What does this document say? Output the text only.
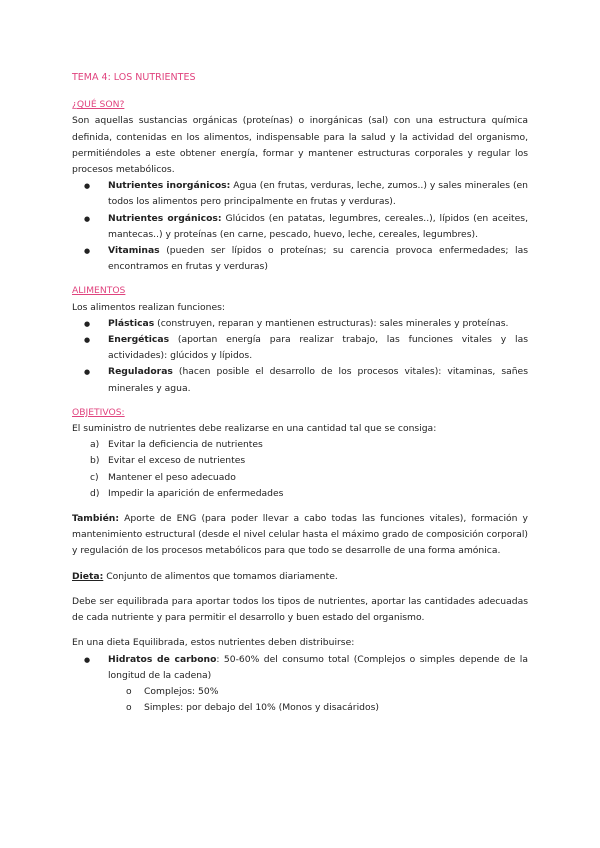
TEMA 4: LOS NUTRIENTES
¿QUÉ SON?

Son aquellas sustancias orgánicas (proteínas) o inorgánicas (sal) con una estructura química definida, contenidas en los alimentos, indispensable para la salud y la actividad del organismo, permitiéndoles a este obtener energía, formar y mantener estructuras corporales y regular los procesos metabólicos.

● Nutrientes inorgánicos: Agua (en frutas, verduras, leche, zumos..) y sales minerales (en todos los alimentos pero principalmente en frutas y verduras).
● Nutrientes orgánicos: Glúcidos (en patatas, legumbres, cereales..), lípidos (en aceites, mantecas..) y proteínas (en carne, pescado, huevo, leche, cereales, legumbres).
● Vitaminas (pueden ser lípidos o proteínas; su carencia provoca enfermedades; las encontramos en frutas y verduras)
ALIMENTOS

Los alimentos realizan funciones:

● Plásticas (construyen, reparan y mantienen estructuras): sales minerales y proteínas.
● Energéticas (aportan energía para realizar trabajo, las funciones vitales y las actividades): glúcidos y lípidos.
● Reguladoras (hacen posible el desarrollo de los procesos vitales): vitaminas, sañes minerales y agua.
OBJETIVOS:

El suministro de nutrientes debe realizarse en una cantidad tal que se consiga:

a) Evitar la deficiencia de nutrientes
b) Evitar el exceso de nutrientes
c) Mantener el peso adecuado
d) Impedir la aparición de enfermedades

También: Aporte de ENG (para poder llevar a cabo todas las funciones vitales), formación y mantenimiento estructural (desde el nivel celular hasta el máximo grado de composición corporal) y regulación de los procesos metabólicos para que todo se desarrolle de una forma amónica.

Dieta: Conjunto de alimentos que tomamos diariamente.

Debe ser equilibrada para aportar todos los tipos de nutrientes, aportar las cantidades adecuadas de cada nutriente y para permitir el desarrollo y buen estado del organismo.

En una dieta Equilibrada, estos nutrientes deben distribuirse:

● Hidratos de carbono: 50-60% del consumo total (Complejos o simples depende de la longitud de la cadena)
o Complejos: 50%
o Simples: por debajo del 10% (Monos y disacáridos)
